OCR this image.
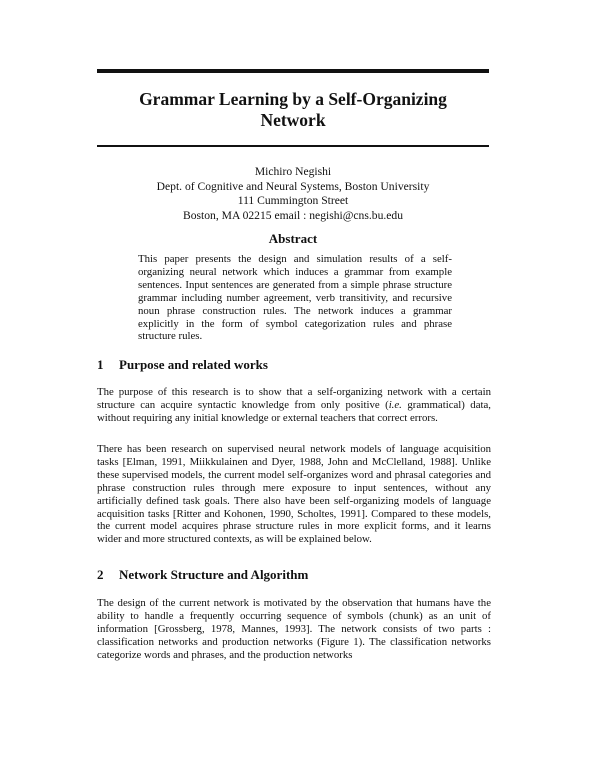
Grammar Learning by a Self-Organizing
Network
Michiro Negishi
Dept. of Cognitive and Neural Systems, Boston University
111 Cummington Street
Boston, MA 02215 email : negishi@cns.bu.edu
Abstract
This paper presents the design and simulation results of a self-organizing neural network which induces a grammar from example sentences. Input sentences are generated from a simple phrase structure grammar including number agreement, verb transitivity, and recursive noun phrase construction rules. The network induces a grammar explicitly in the form of symbol categorization rules and phrase structure rules.
1 Purpose and related works
The purpose of this research is to show that a self-organizing network with a certain structure can acquire syntactic knowledge from only positive (i.e. grammatical) data, without requiring any initial knowledge or external teachers that correct errors.
There has been research on supervised neural network models of language acquisition tasks [Elman, 1991, Miikkulainen and Dyer, 1988, John and McClelland, 1988]. Unlike these supervised models, the current model self-organizes word and phrasal categories and phrase construction rules through mere exposure to input sentences, without any artificially defined task goals. There also have been self-organizing models of language acquisition tasks [Ritter and Kohonen, 1990, Scholtes, 1991]. Compared to these models, the current model acquires phrase structure rules in more explicit forms, and it learns wider and more structured contexts, as will be explained below.
2 Network Structure and Algorithm
The design of the current network is motivated by the observation that humans have the ability to handle a frequently occurring sequence of symbols (chunk) as an unit of information [Grossberg, 1978, Mannes, 1993]. The network consists of two parts : classification networks and production networks (Figure 1). The classification networks categorize words and phrases, and the production networks
